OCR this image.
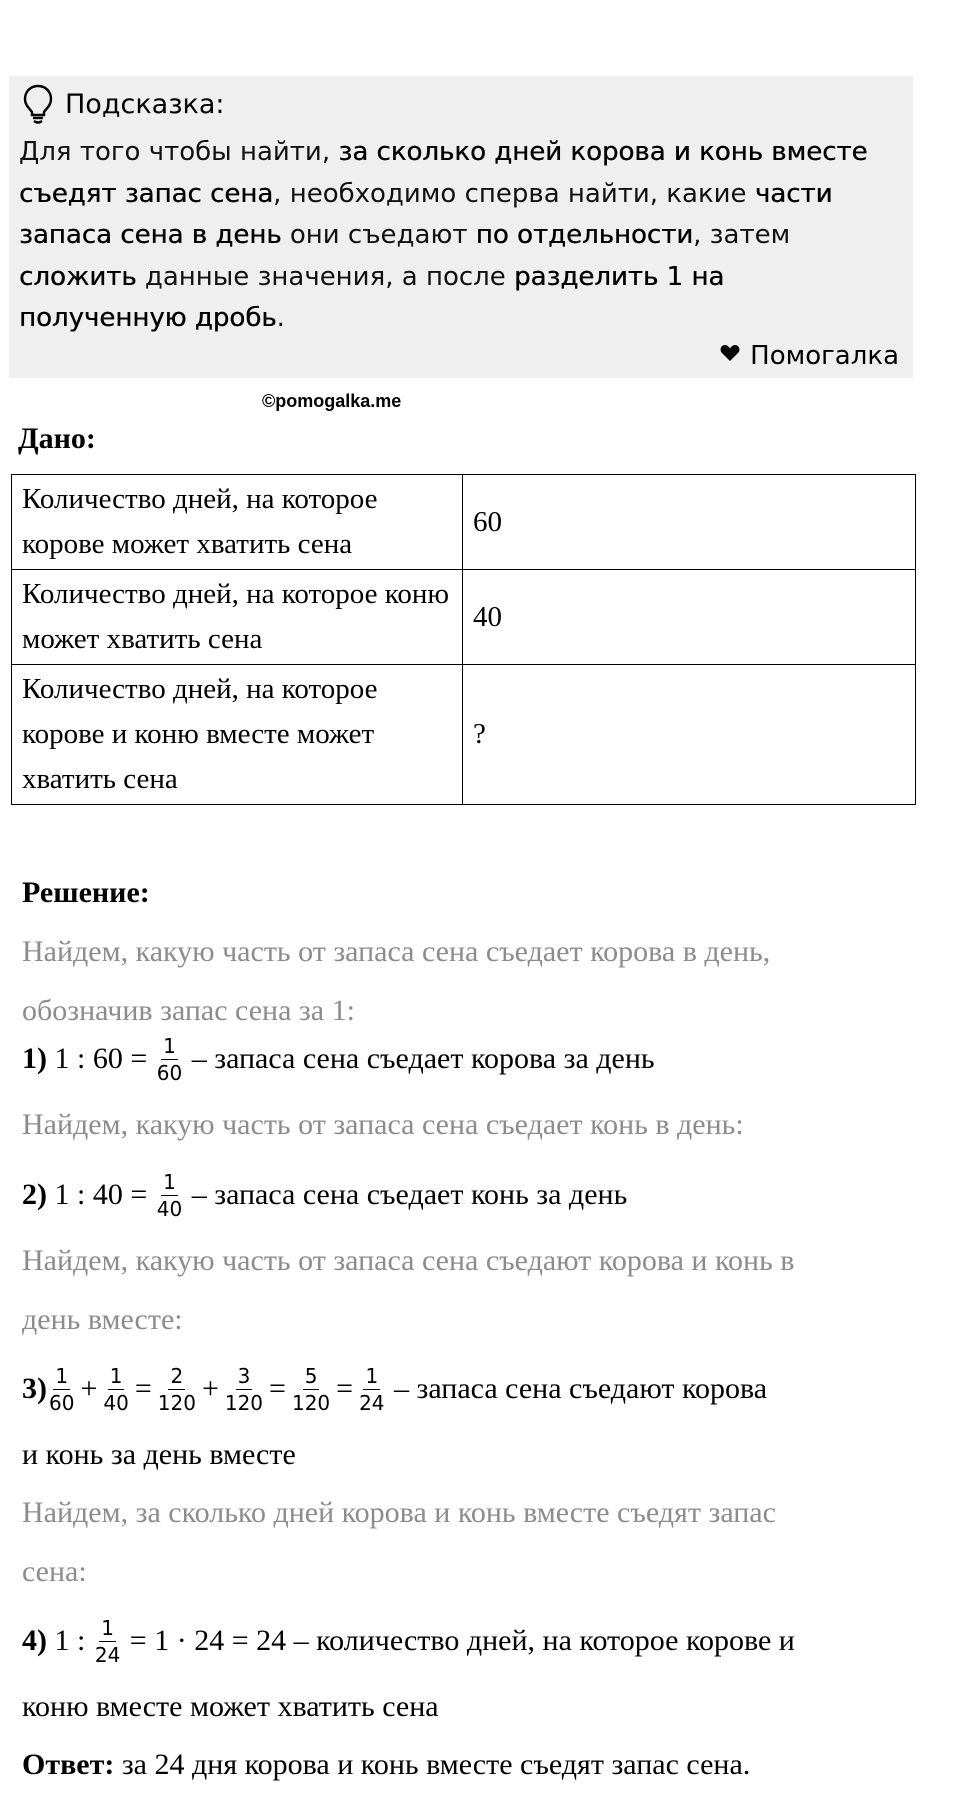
Подсказка:
Для того чтобы найти, за сколько дней корова и конь вместе съедят запас сена, необходимо сперва найти, какие части запаса сена в день они съедают по отдельности, затем сложить данные значения, а после разделить 1 на полученную дробь.
Помогалка
©pomogalka.me
Дано:
Количество дней, на которое корове может хватить сена	60
Количество дней, на которое коню может хватить сена	40
Количество дней, на которое корове и коню вместе может хватить сена	?
Решение:
Найдем, какую часть от запаса сена съедает корова в день,
обозначив запас сена за 1:
1) 1 : $60 = \frac{1}{60}$ – запаса сена съедает корова за день
Найдем, какую часть от запаса сена съедает конь в день:
2) 1 : $40 = \frac{1}{40}$ – запаса сена съедает конь за день
Найдем, какую часть от запаса сена съедают корова и конь в
день вместе:
$3) \frac{1}{60} + \frac{1}{40} = \frac{2}{120} + \frac{3}{120} = \frac{5}{120} = \frac{1}{24}$ – запаса сена съедают корова
и конь за день вместе
Найдем, за сколько дней корова и конь вместе съедят запас
сена:
4) 1 : $\frac{1}{24} = 1 \cdot 24 = 24$ – количество дней, на которое корове и
коню вместе может хватить сена
Ответ: за 24 дня корова и конь вместе съедят запас сена.
